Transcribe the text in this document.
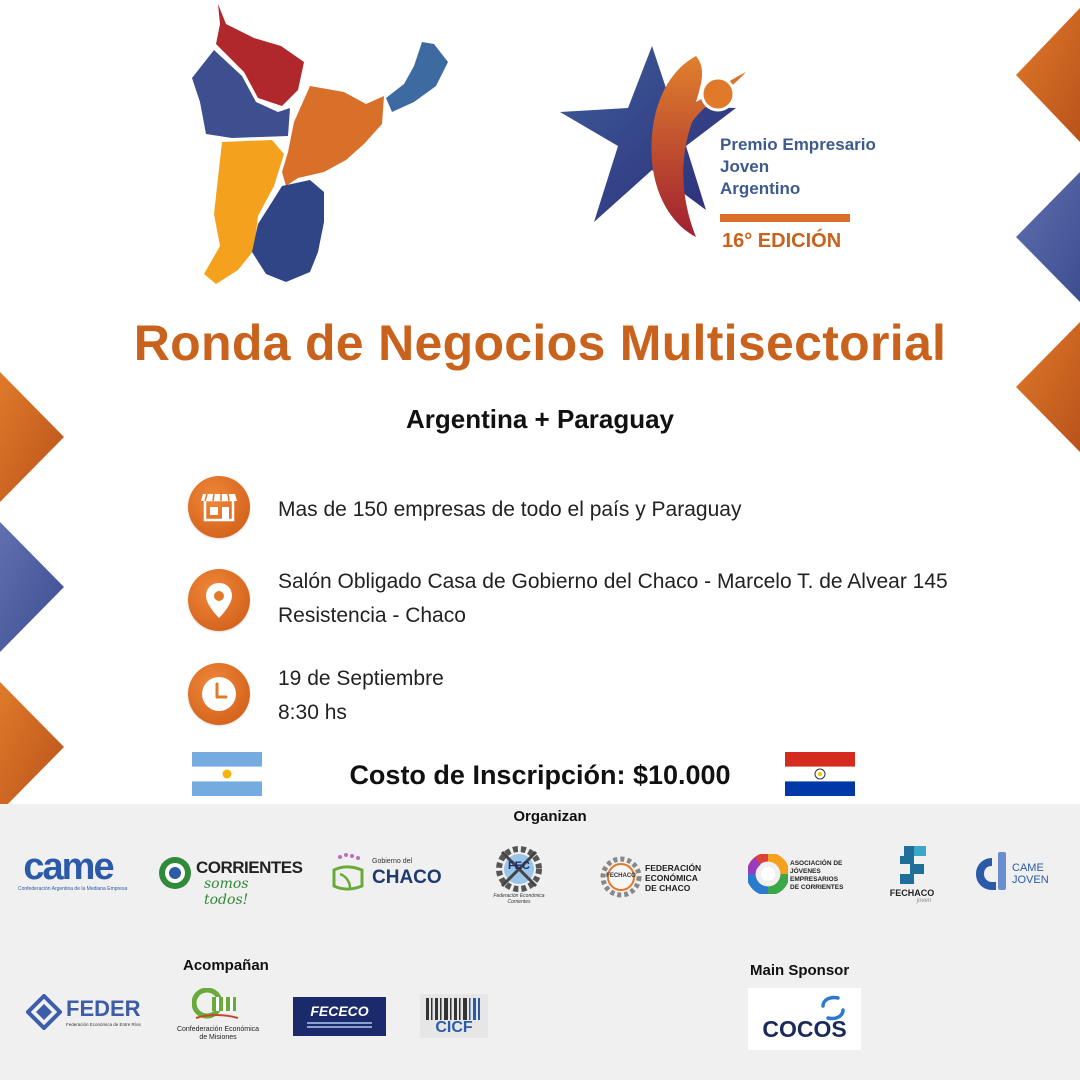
Premio Empresario
Joven
Argentino
16° EDICIÓN
Ronda de Negocios Multisectorial
Argentina + Paraguay
Mas de 150 empresas de todo el país y Paraguay
Salón Obligado Casa de Gobierno del Chaco - Marcelo T. de Alvear 145
Resistencia - Chaco
19 de Septiembre
8:30 hs
Costo de Inscripción: $10.000
Organizan
came
Confederación Argentina de la Mediana Empresa
CORRIENTES
somos todos!
Gobierno del
CHACO
FEC
Federación Económica Corrientes
FECHACO
FEDERACIÓN
ECONÓMICA
DE CHACO
ASOCIACIÓN DE
JÓVENES EMPRESARIOS
DE CORRIENTES
FECHACO
joven
CAME
JOVEN
Acompañan
FEDER
Federación Económica de Entre Ríos
Confederación Económica
de Misiones
FECECO
CICF
Main Sponsor
COCOS
